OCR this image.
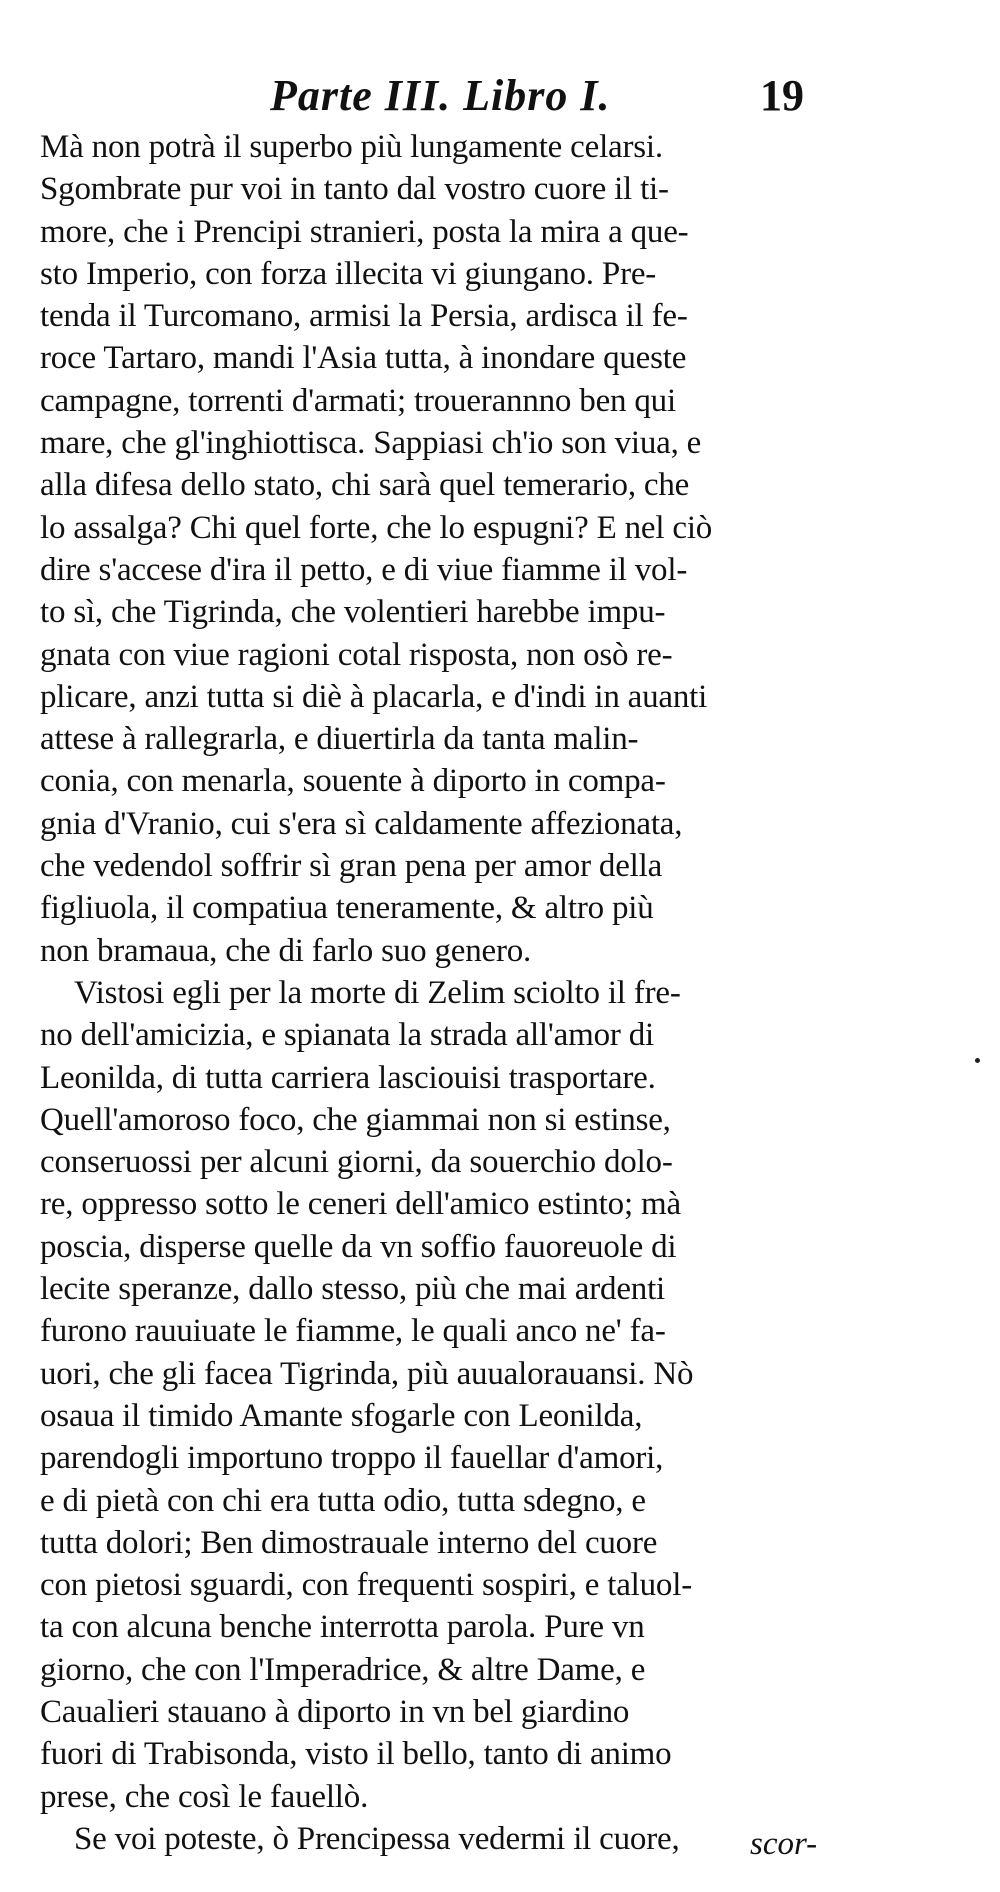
Parte III. Libro I.	19
Mà non potrà il superbo più lungamente celarsi.
Sgombrate pur voi in tanto dal vostro cuore il ti-
more, che i Prencipi stranieri, posta la mira a que-
sto Imperio, con forza illecita vi giungano. Pre-
tenda il Turcomano, armisi la Persia, ardisca il fe-
roce Tartaro, mandi l'Asia tutta, à inondare queste
campagne, torrenti d'armati; trouerannno ben qui
mare, che gl'inghiottisca. Sappiasi ch'io son viua, e
alla difesa dello stato, chi sarà quel temerario, che
lo assalga? Chi quel forte, che lo espugni? E nel ciò
dire s'accese d'ira il petto, e di viue fiamme il vol-
to sì, che Tigrinda, che volentieri harebbe impu-
gnata con viue ragioni cotal risposta, non osò re-
plicare, anzi tutta si diè à placarla, e d'indi in auanti
attese à rallegrarla, e diuertirla da tanta malin-
conia, con menarla, souente à diporto in compa-
gnia d'Vranio, cui s'era sì caldamente affezionata,
che vedendol soffrir sì gran pena per amor della
figliuola, il compatiua teneramente, & altro più
non bramaua, che di farlo suo genero.
Vistosi egli per la morte di Zelim sciolto il fre-
no dell'amicizia, e spianata la strada all'amor di
Leonilda, di tutta carriera lasciouisi trasportare.
Quell'amoroso foco, che giammai non si estinse,
conseruossi per alcuni giorni, da souerchio dolo-
re, oppresso sotto le ceneri dell'amico estinto; mà
poscia, disperse quelle da vn soffio fauoreuole di
lecite speranze, dallo stesso, più che mai ardenti
furono rauuiuate le fiamme, le quali anco ne' fa-
uori, che gli facea Tigrinda, più auualorauansi. Nò
osaua il timido Amante sfogarle con Leonilda,
parendogli importuno troppo il fauellar d'amori,
e di pietà con chi era tutta odio, tutta sdegno, e
tutta dolori; Ben dimostrauale interno del cuore
con pietosi sguardi, con frequenti sospiri, e taluol-
ta con alcuna benche interrotta parola. Pure vn
giorno, che con l'Imperadrice, & altre Dame, e
Caualieri stauano à diporto in vn bel giardino
fuori di Trabisonda, visto il bello, tanto di animo
prese, che così le fauellò.
Se voi poteste, ò Prencipessa vedermi il cuore,	scor-
